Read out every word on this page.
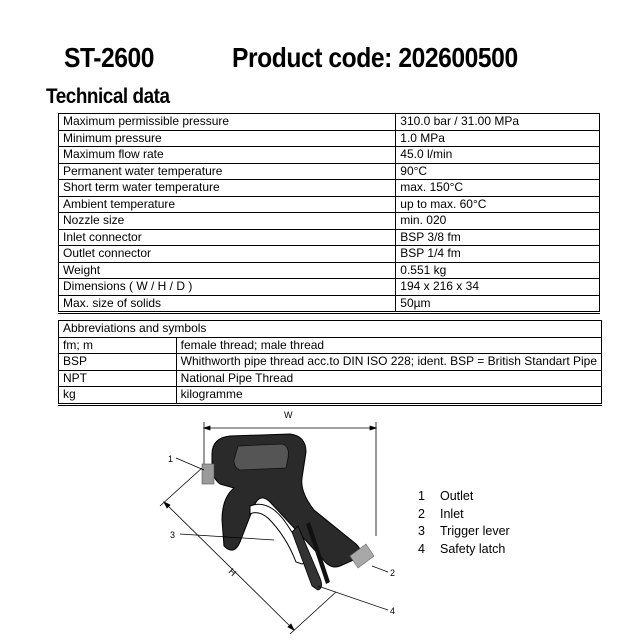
ST-2600	Product code: 202600500
Technical data
Maximum permissible pressure	310.0 bar / 31.00 MPa
Minimum pressure	1.0 MPa
Maximum flow rate	45.0 l/min
Permanent water temperature	90°C
Short term water temperature	max. 150°C
Ambient temperature	up to max. 60°C
Nozzle size	min. 020
Inlet connector	BSP 3/8 fm
Outlet connector	BSP 1/4 fm
Weight	0.551 kg
Dimensions ( W / H / D )	194 x 216 x 34
Max. size of solids	50µm
Abbreviations and symbols	
fm; m	female thread; male thread
BSP	Whithworth pipe thread acc.to DIN ISO 228; ident. BSP = British Standart Pipe
NPT	National Pipe Thread
kg	kilogramme
W
H
1
2
3
4
1	Outlet
2	Inlet
3	Trigger lever
4	Safety latch
